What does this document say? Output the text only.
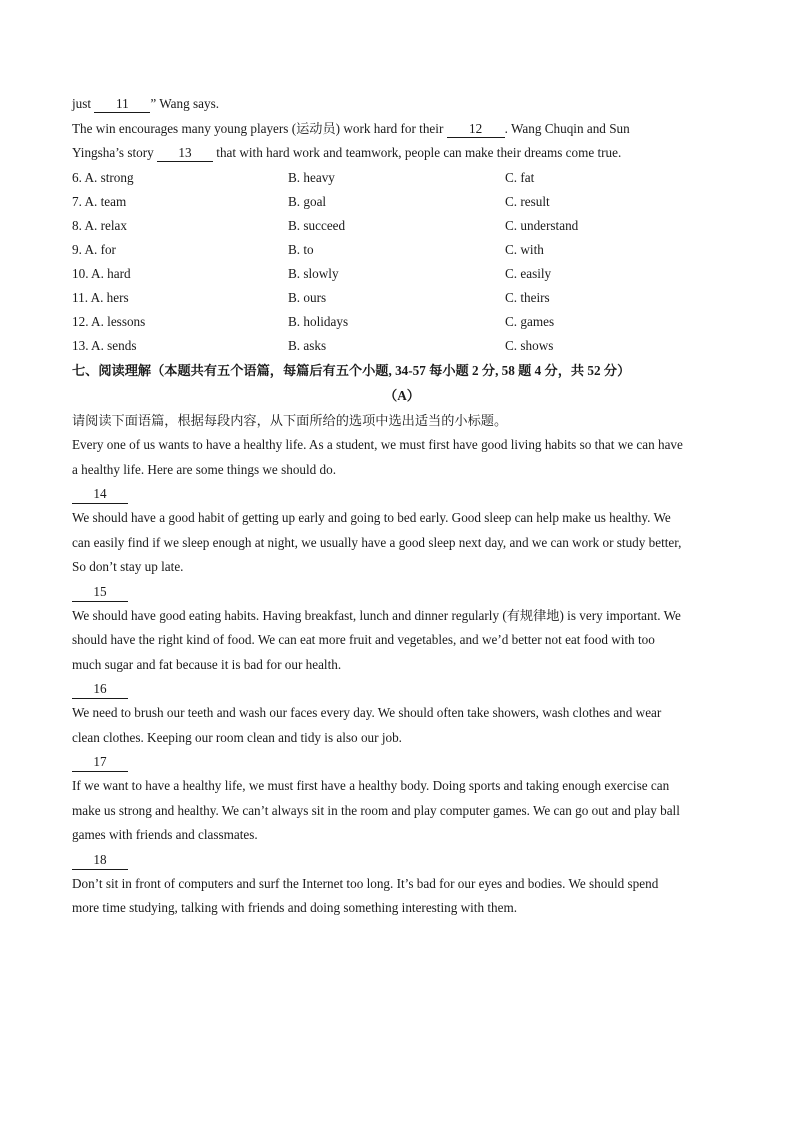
just 11 ” Wang says.
The win encourages many young players (运动员) work hard for their 12 . Wang Chuqin and Sun
Yingsha’s story 13 that with hard work and teamwork, people can make their dreams come true.
6. A. strong	B. heavy	C. fat
7. A. team	B. goal	C. result
8. A. relax	B. succeed	C. understand
9. A. for	B. to	C. with
10. A. hard	B. slowly	C. easily
11. A. hers	B. ours	C. theirs
12. A. lessons	B. holidays	C. games
13. A. sends	B. asks	C. shows
七、阅读理解（本题共有五个语篇，每篇后有五个小题, 34-57 每小题 2 分, 58 题 4 分，共 52 分）
（A）
请阅读下面语篇，根据每段内容，从下面所给的选项中选出适当的小标题。
Every one of us wants to have a healthy life. As a student, we must first have good living habits so that we can have
a healthy life. Here are some things we should do.
14
We should have a good habit of getting up early and going to bed early. Good sleep can help make us healthy. We
can easily find if we sleep enough at night, we usually have a good sleep next day, and we can work or study better,
So don’t stay up late.
15
We should have good eating habits. Having breakfast, lunch and dinner regularly (有规律地) is very important. We
should have the right kind of food. We can eat more fruit and vegetables, and we’d better not eat food with too
much sugar and fat because it is bad for our health.
16
We need to brush our teeth and wash our faces every day. We should often take showers, wash clothes and wear
clean clothes. Keeping our room clean and tidy is also our job.
17
If we want to have a healthy life, we must first have a healthy body. Doing sports and taking enough exercise can
make us strong and healthy. We can’t always sit in the room and play computer games. We can go out and play ball
games with friends and classmates.
18
Don’t sit in front of computers and surf the Internet too long. It’s bad for our eyes and bodies. We should spend
more time studying, talking with friends and doing something interesting with them.
